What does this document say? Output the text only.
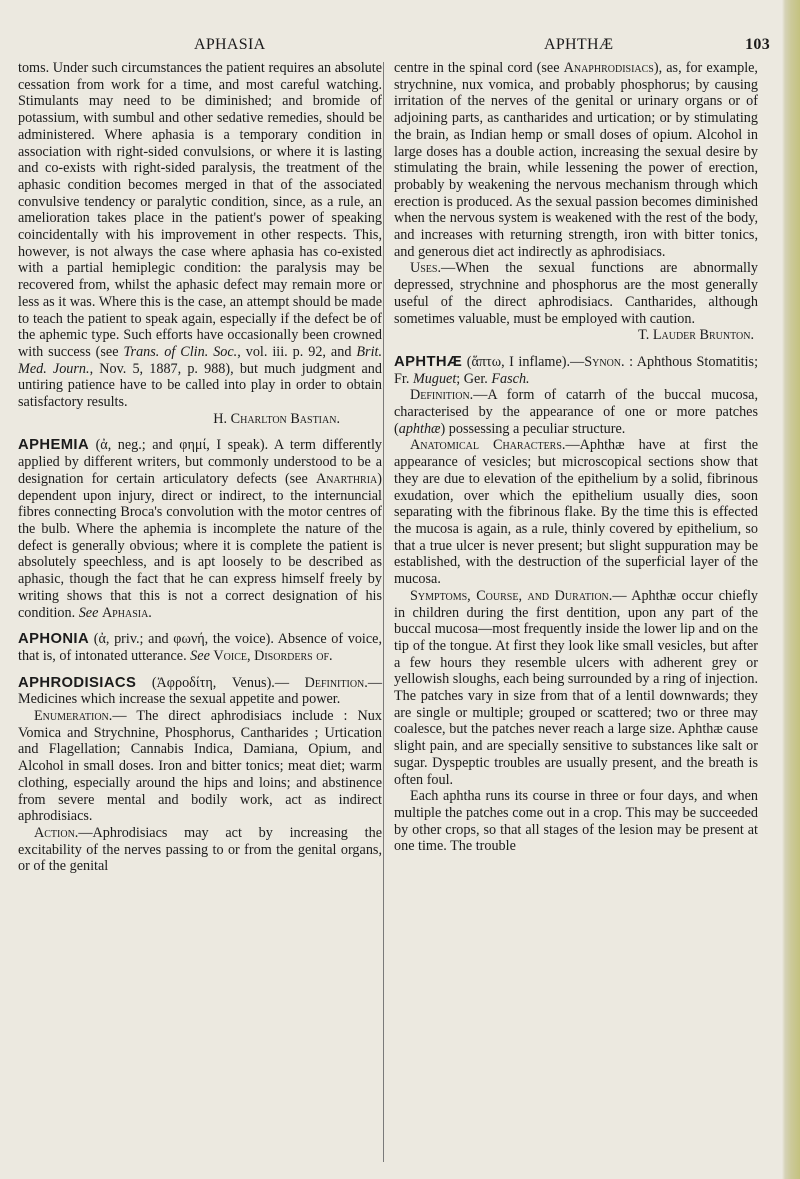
APHASIA	APHTHÆ	103

toms. Under such circumstances the patient requires an absolute cessation from work for a time, and most careful watching. Stimulants may need to be diminished; and bromide of potassium, with sumbul and other sedative remedies, should be administered. Where aphasia is a temporary condition in association with right-sided convulsions, or where it is lasting and co-exists with right-sided paralysis, the treatment of the aphasic condition becomes merged in that of the associated convulsive tendency or paralytic condition, since, as a rule, an amelioration takes place in the patient's power of speaking coincidentally with his improvement in other respects. This, however, is not always the case where aphasia has co-existed with a partial hemiplegic condition: the paralysis may be recovered from, whilst the aphasic defect may remain more or less as it was. Where this is the case, an attempt should be made to teach the patient to speak again, especially if the defect be of the aphemic type. Such efforts have occasionally been crowned with success (see Trans. of Clin. Soc., vol. iii. p. 92, and Brit. Med. Journ., Nov. 5, 1887, p. 988), but much judgment and untiring patience have to be called into play in order to obtain satisfactory results.

H. Charlton Bastian.

APHEMIA (ἀ, neg.; and φημί, I speak). A term differently applied by different writers, but commonly understood to be a designation for certain articulatory defects (see Anarthria) dependent upon injury, direct or indirect, to the internuncial fibres connecting Broca's convolution with the motor centres of the bulb. Where the aphemia is incomplete the nature of the defect is generally obvious; where it is complete the patient is absolutely speechless, and is apt loosely to be described as aphasic, though the fact that he can express himself freely by writing shows that this is not a correct designation of his condition. See Aphasia.

APHONIA (ἀ, priv.; and φωνή, the voice). Absence of voice, that is, of intonated utterance. See Voice, Disorders of.

APHRODISIACS (Ἀφροδίτη, Venus).— Definition.—Medicines which increase the sexual appetite and power.

Enumeration.— The direct aphrodisiacs include : Nux Vomica and Strychnine, Phosphorus, Cantharides ; Urtication and Flagellation; Cannabis Indica, Damiana, Opium, and Alcohol in small doses. Iron and bitter tonics; meat diet; warm clothing, especially around the hips and loins; and abstinence from severe mental and bodily work, act as indirect aphrodisiacs.

Action.—Aphrodisiacs may act by increasing the excitability of the nerves passing to or from the genital organs, or of the genital

centre in the spinal cord (see Anaphrodisiacs), as, for example, strychnine, nux vomica, and probably phosphorus; by causing irritation of the nerves of the genital or urinary organs or of adjoining parts, as cantharides and urtication; or by stimulating the brain, as Indian hemp or small doses of opium. Alcohol in large doses has a double action, increasing the sexual desire by stimulating the brain, while lessening the power of erection, probably by weakening the nervous mechanism through which erection is produced. As the sexual passion becomes diminished when the nervous system is weakened with the rest of the body, and increases with returning strength, iron with bitter tonics, and generous diet act indirectly as aphrodisiacs.

Uses.—When the sexual functions are abnormally depressed, strychnine and phosphorus are the most generally useful of the direct aphrodisiacs. Cantharides, although sometimes valuable, must be employed with caution.

T. Lauder Brunton.

APHTHÆ (ἅπτω, I inflame).—Synon. : Aphthous Stomatitis; Fr. Muguet; Ger. Fasch.

Definition.—A form of catarrh of the buccal mucosa, characterised by the appearance of one or more patches (aphthæ) possessing a peculiar structure.

Anatomical Characters.—Aphthæ have at first the appearance of vesicles; but microscopical sections show that they are due to elevation of the epithelium by a solid, fibrinous exudation, over which the epithelium usually dies, soon separating with the fibrinous flake. By the time this is effected the mucosa is again, as a rule, thinly covered by epithelium, so that a true ulcer is never present; but slight suppuration may be established, with the destruction of the superficial layer of the mucosa.

Symptoms, Course, and Duration.— Aphthæ occur chiefly in children during the first dentition, upon any part of the buccal mucosa—most frequently inside the lower lip and on the tip of the tongue. At first they look like small vesicles, but after a few hours they resemble ulcers with adherent grey or yellowish sloughs, each being surrounded by a ring of injection. The patches vary in size from that of a lentil downwards; they are single or multiple; grouped or scattered; two or three may coalesce, but the patches never reach a large size. Aphthæ cause slight pain, and are specially sensitive to substances like salt or sugar. Dyspeptic troubles are usually present, and the breath is often foul.

Each aphtha runs its course in three or four days, and when multiple the patches come out in a crop. This may be succeeded by other crops, so that all stages of the lesion may be present at one time. The trouble
